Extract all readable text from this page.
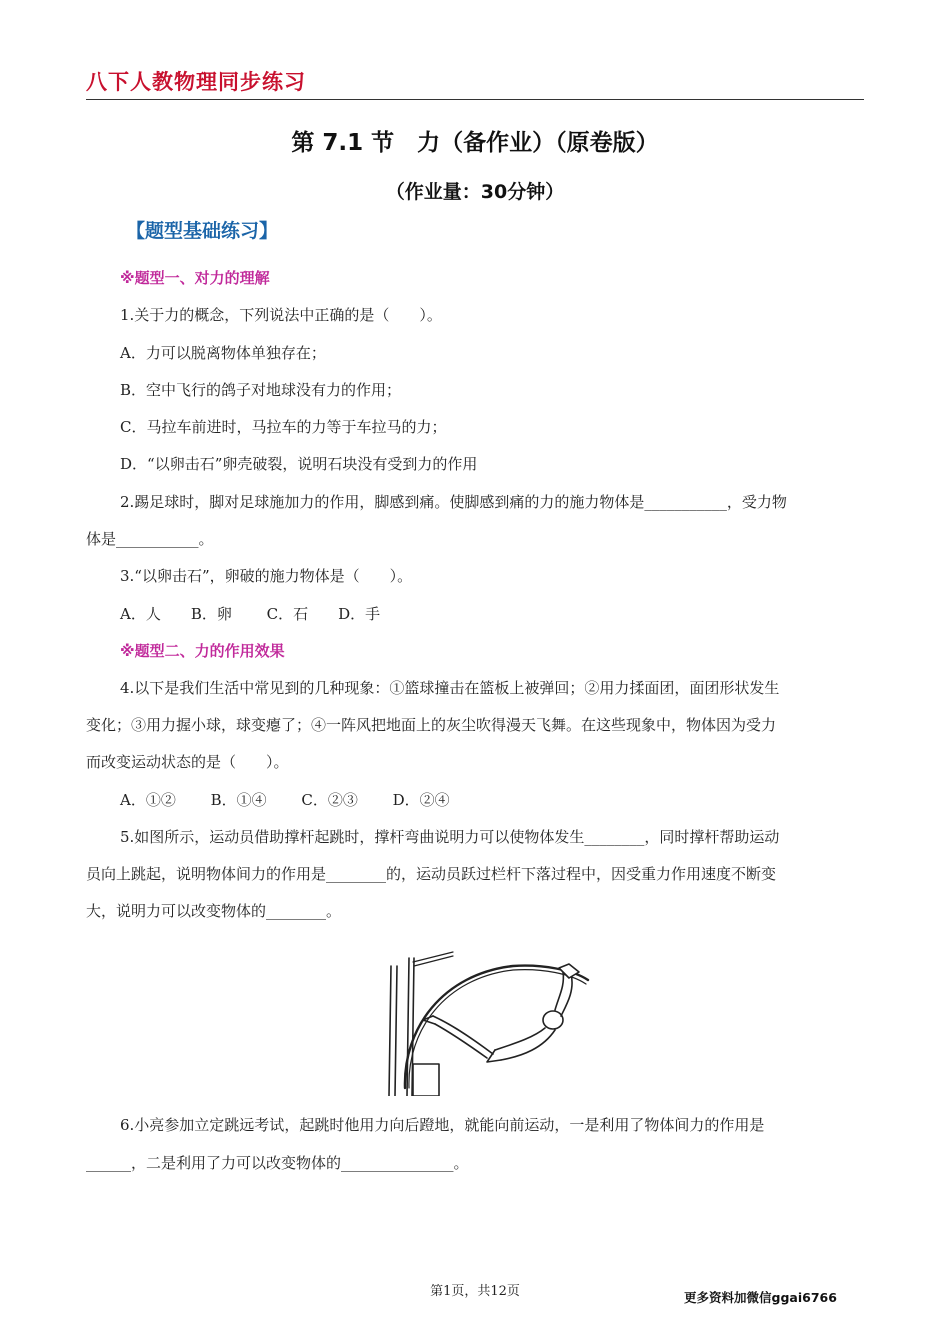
八下人教物理同步练习
第 7.1 节　力（备作业）（原卷版）
（作业量：30分钟）
【题型基础练习】
※题型一、对力的理解
1.关于力的概念，下列说法中正确的是（　　）。
A．力可以脱离物体单独存在；
B．空中飞行的鸽子对地球没有力的作用；
C．马拉车前进时，马拉车的力等于车拉马的力；
D．“以卵击石”卵壳破裂，说明石块没有受到力的作用
2.踢足球时，脚对足球施加力的作用，脚感到痛。使脚感到痛的力的施力物体是___________，受力物
体是___________。
3.“以卵击石”，卵破的施力物体是（　　）。
A．人　　B．卵　　 C．石　　D．手
※题型二、力的作用效果
4.以下是我们生活中常见到的几种现象：①篮球撞击在篮板上被弹回；②用力揉面团，面团形状发生
变化；③用力握小球，球变瘪了；④一阵风把地面上的灰尘吹得漫天飞舞。在这些现象中，物体因为受力
而改变运动状态的是（　　）。
A．①②　　 B．①④　　 C．②③　　 D．②④
5.如图所示，运动员借助撑杆起跳时，撑杆弯曲说明力可以使物体发生________，同时撑杆帮助运动
员向上跳起，说明物体间力的作用是________的，运动员跃过栏杆下落过程中，因受重力作用速度不断变
大，说明力可以改变物体的________。
6.小亮参加立定跳远考试，起跳时他用力向后蹬地，就能向前运动，一是利用了物体间力的作用是
______，二是利用了力可以改变物体的_______________。
第1页，共12页	更多资料加微信ggai6766
